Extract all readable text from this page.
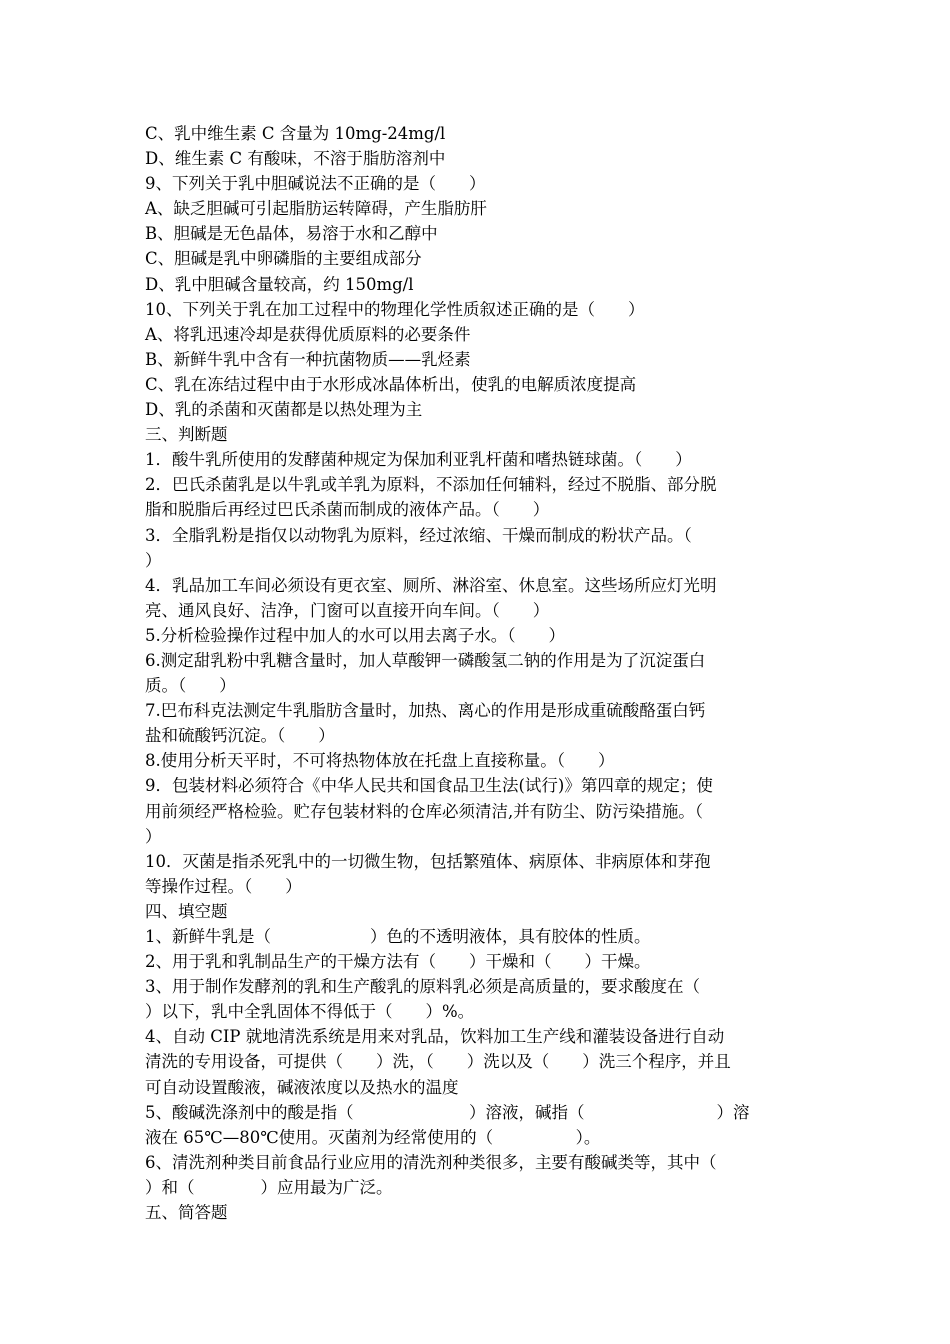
C、乳中维生素 C 含量为 10mg-24mg/l
D、维生素 C 有酸味，不溶于脂肪溶剂中
9、下列关于乳中胆碱说法不正确的是（　　）
A、缺乏胆碱可引起脂肪运转障碍，产生脂肪肝
B、胆碱是无色晶体，易溶于水和乙醇中
C、胆碱是乳中卵磷脂的主要组成部分
D、乳中胆碱含量较高，约 150mg/l
10、下列关于乳在加工过程中的物理化学性质叙述正确的是（　　）
A、将乳迅速冷却是获得优质原料的必要条件
B、新鲜牛乳中含有一种抗菌物质——乳烃素
C、乳在冻结过程中由于水形成冰晶体析出，使乳的电解质浓度提高
D、乳的杀菌和灭菌都是以热处理为主
三、判断题
1．酸牛乳所使用的发酵菌种规定为保加利亚乳杆菌和嗜热链球菌。（　　）
2．巴氏杀菌乳是以牛乳或羊乳为原料，不添加任何辅料，经过不脱脂、部分脱
脂和脱脂后再经过巴氏杀菌而制成的液体产品。（　　）
3．全脂乳粉是指仅以动物乳为原料，经过浓缩、干燥而制成的粉状产品。（
）
4．乳品加工车间必须设有更衣室、厕所、淋浴室、休息室。这些场所应灯光明
亮、通风良好、洁净，门窗可以直接开向车间。（　　）
5.分析检验操作过程中加人的水可以用去离子水。（　　）
6.测定甜乳粉中乳糖含量时，加人草酸钾一磷酸氢二钠的作用是为了沉淀蛋白
质。（　　）
7.巴布科克法测定牛乳脂肪含量时，加热、离心的作用是形成重硫酸酪蛋白钙
盐和硫酸钙沉淀。（　　）
8.使用分析天平时，不可将热物体放在托盘上直接称量。（　　）
9．包装材料必须符合《中华人民共和国食品卫生法(试行)》第四章的规定；使
用前须经严格检验。贮存包装材料的仓库必须清洁,并有防尘、防污染措施。（
）
10．灭菌是指杀死乳中的一切微生物，包括繁殖体、病原体、非病原体和芽孢
等操作过程。（　　）
四、填空题
1、新鲜牛乳是（　　　　　　）色的不透明液体，具有胶体的性质。
2、用于乳和乳制品生产的干燥方法有（　　）干燥和（　　）干燥。
3、用于制作发酵剂的乳和生产酸乳的原料乳必须是高质量的，要求酸度在（
）以下，乳中全乳固体不得低于（　　）%。
4、自动 CIP 就地清洗系统是用来对乳品，饮料加工生产线和灌装设备进行自动
清洗的专用设备，可提供（　　）洗，（　　）洗以及（　　）洗三个程序，并且
可自动设置酸液，碱液浓度以及热水的温度
5、酸碱洗涤剂中的酸是指（　　　　　　　）溶液，碱指（　　　　　　　　）溶
液在 65℃—80℃使用。灭菌剂为经常使用的（　　　　　）。
6、清洗剂种类目前食品行业应用的清洗剂种类很多，主要有酸碱类等，其中（
）和（　　　　）应用最为广泛。
五、简答题
